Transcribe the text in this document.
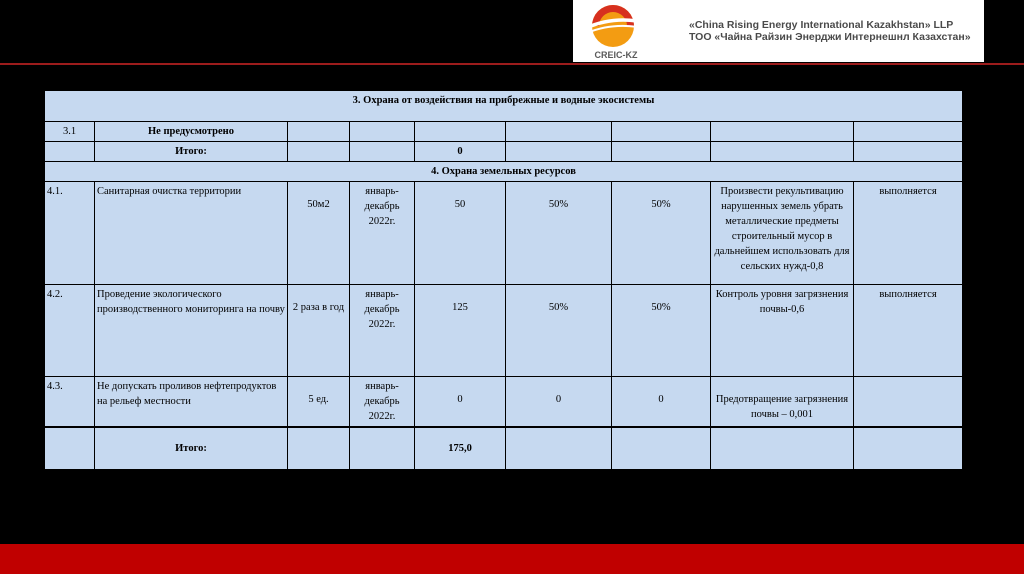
CREIC-KZ
«China Rising Energy International Kazakhstan» LLP
ТОО «Чайна Райзин Энерджи Интернешнл Казахстан»
3. Охрана от воздействия на прибрежные и водные экосистемы								
3.1	Не предусмотрено							
	Итого:			0				
4. Охрана земельных ресурсов								
4.1.	Санитарная очистка территории	50м2	январь-декабрь 2022г.	50	50%	50%	Произвести рекультивацию нарушенных земель убрать металлические предметы строительный мусор в дальнейшем использовать для сельских нужд-0,8	выполняется
4.2.	Проведение экологического производственного мониторинга на почву	2 раза в год	январь-декабрь 2022г.	125	50%	50%	Контроль уровня загрязнения почвы-0,6	выполняется
4.3.	Не допускать проливов нефтепродуктов на рельеф местности	5 ед.	январь-декабрь 2022г.	0	0	0	Предотвращение загрязнения почвы – 0,001	
	Итого:			175,0				
